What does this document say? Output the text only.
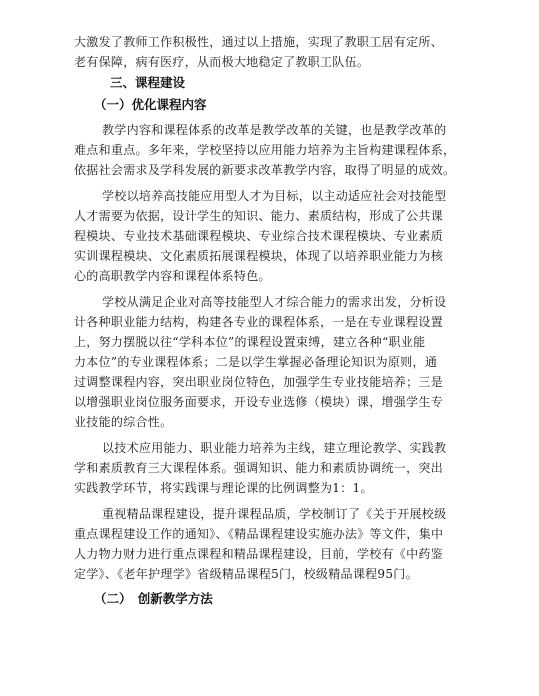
大激发了教师工作积极性，通过以上措施，实现了教职工居有定所、
老有保障，病有医疗，从而极大地稳定了教职工队伍。
三、课程建设
（一）优化课程内容
教学内容和课程体系的改革是教学改革的关键，也是教学改革的
难点和重点。多年来，学校坚持以应用能力培养为主旨构建课程体系，
依据社会需求及学科发展的新要求改革教学内容，取得了明显的成效。
学校以培养高技能应用型人才为目标，以主动适应社会对技能型
人才需要为依据，设计学生的知识、能力、素质结构，形成了公共课
程模块、专业技术基础课程模块、专业综合技术课程模块、专业素质
实训课程模块、文化素质拓展课程模块，体现了以培养职业能力为核
心的高职教学内容和课程体系特色。
学校从满足企业对高等技能型人才综合能力的需求出发，分析设
计各种职业能力结构，构建各专业的课程体系，一是在专业课程设置
上，努力摆脱以往“学科本位”的课程设置束缚，建立各种“职业能
力本位”的专业课程体系；二是以学生掌握必备理论知识为原则，通
过调整课程内容，突出职业岗位特色，加强学生专业技能培养；三是
以增强职业岗位服务面要求，开设专业选修（模块）课，增强学生专
业技能的综合性。
以技术应用能力、职业能力培养为主线，建立理论教学、实践教
学和素质教育三大课程体系。强调知识、能力和素质协调统一，突出
实践教学环节，将实践课与理论课的比例调整为1：1。
重视精品课程建设，提升课程品质，学校制订了《关于开展校级
重点课程建设工作的通知》、《精品课程建设实施办法》等文件，集中
人力物力财力进行重点课程和精品课程建设，目前，学校有《中药鉴
定学》、《老年护理学》省级精品课程5门，校级精品课程95门。
（二）　创新教学方法
